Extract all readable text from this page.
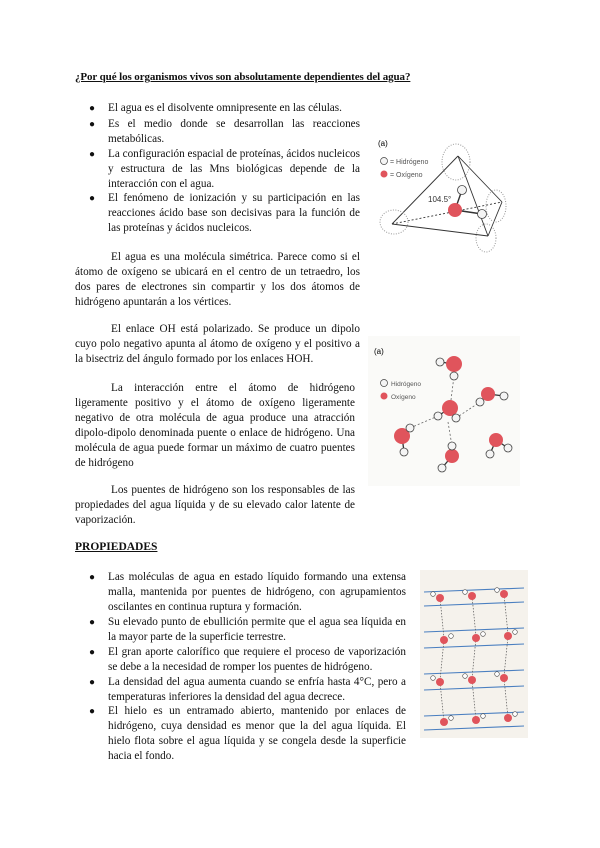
¿Por qué los organismos vivos son absolutamente dependientes del agua?
● El agua es el disolvente omnipresente en las células.
● Es el medio donde se desarrollan las reacciones metabólicas.
● La configuración espacial de proteínas, ácidos nucleicos y estructura de las Mns biológicas depende de la interacción con el agua.
● El fenómeno de ionización y su participación en las reacciones ácido base son decisivas para la función de las proteínas y ácidos nucleicos.
El agua es una molécula simétrica. Parece como si el átomo de oxígeno se ubicará en el centro de un tetraedro, los dos pares de electrones sin compartir y los dos átomos de hidrógeno apuntarán a los vértices.
El enlace OH está polarizado. Se produce un dipolo cuyo polo negativo apunta al átomo de oxígeno y el positivo a la bisectriz del ángulo formado por los enlaces HOH.
La interacción entre el átomo de hidrógeno ligeramente positivo y el átomo de oxígeno ligeramente negativo de otra molécula de agua produce una atracción dipolo-dipolo denominada puente o enlace de hidrógeno. Una molécula de agua puede formar un máximo de cuatro puentes de hidrógeno
Los puentes de hidrógeno son los responsables de las propiedades del agua líquida y de su elevado calor latente de vaporización.
PROPIEDADES
● Las moléculas de agua en estado líquido formando una extensa malla, mantenida por puentes de hidrógeno, con agrupamientos oscilantes en continua ruptura y formación.
● Su elevado punto de ebullición permite que el agua sea líquida en la mayor parte de la superficie terrestre.
● El gran aporte calorífico que requiere el proceso de vaporización se debe a la necesidad de romper los puentes de hidrógeno.
● La densidad del agua aumenta cuando se enfría hasta 4°C, pero a temperaturas inferiores la densidad del agua decrece.
● El hielo es un entramado abierto, mantenido por enlaces de hidrógeno, cuya densidad es menor que la del agua líquida. El hielo flota sobre el agua líquida y se congela desde la superficie hacia el fondo.
(a)
= Hidrógeno
= Oxígeno
104.5°
(a)
Hidrógeno
Oxígeno
